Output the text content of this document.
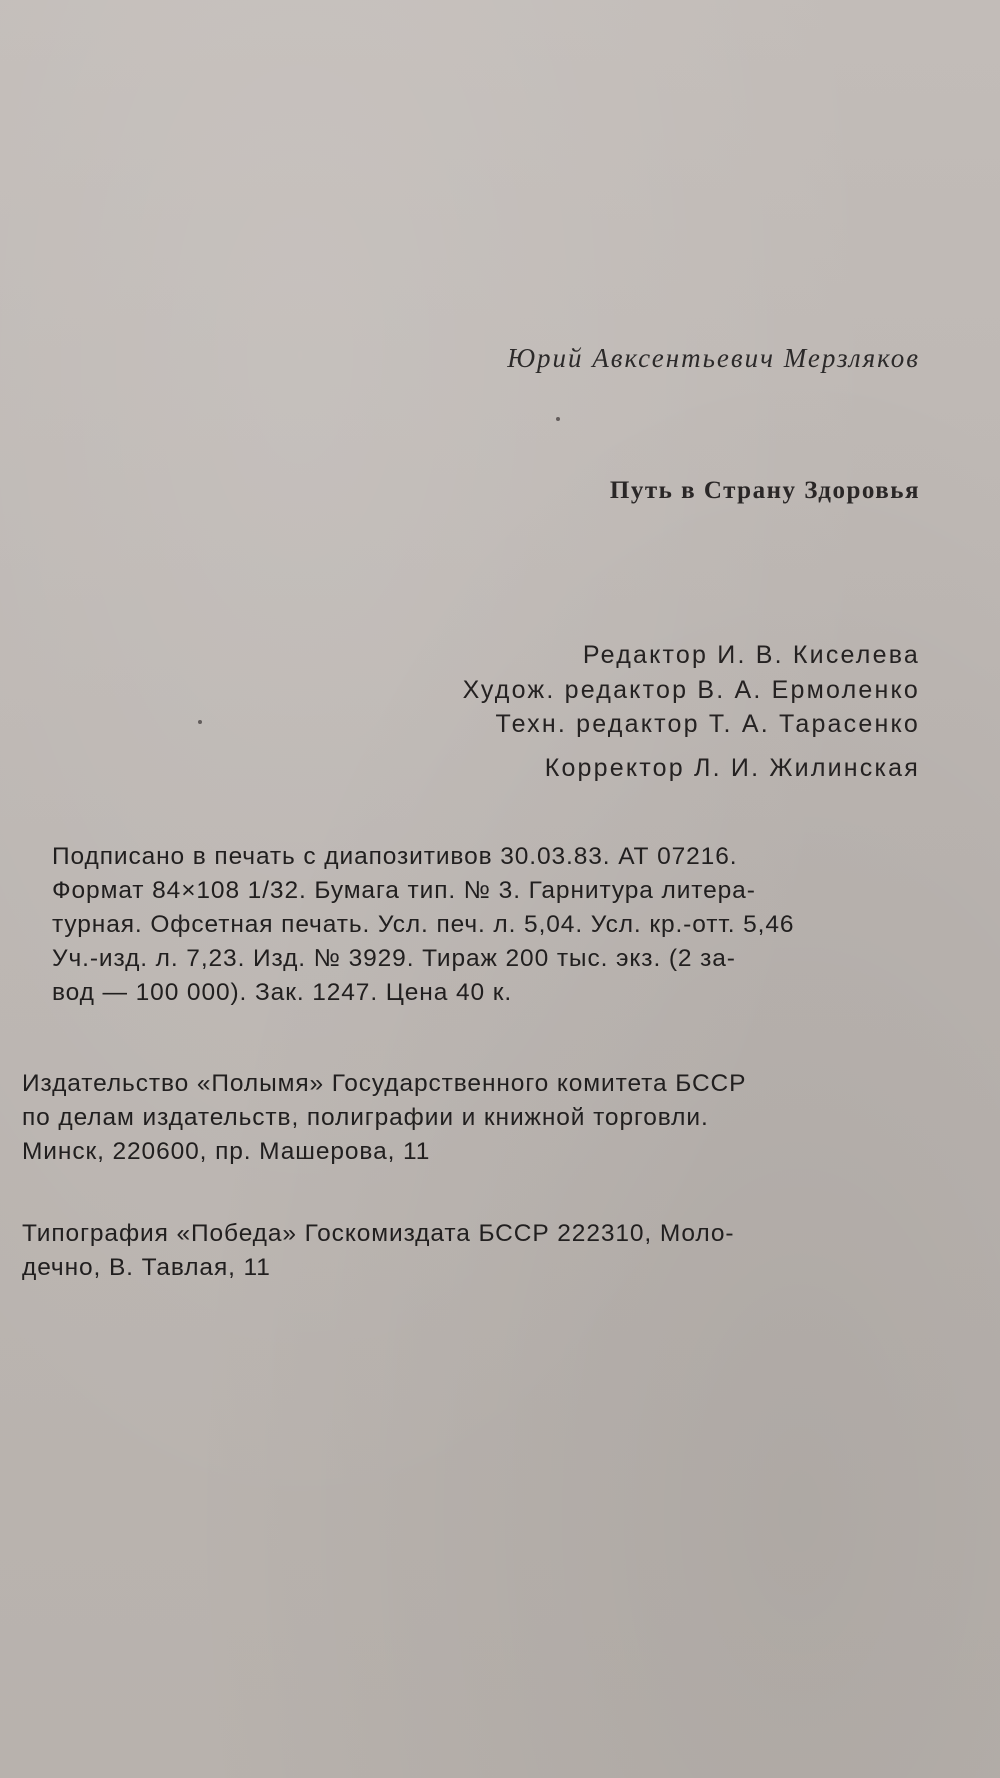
Юрий Авксентьевич Мерзляков
Путь в Страну Здоровья
Редактор И. В. Киселева
Худож. редактор В. А. Ермоленко
Техн. редактор Т. А. Тарасенко
Корректор Л. И. Жилинская
Подписано в печать с диапозитивов 30.03.83. АТ 07216.
Формат 84×108 1/32. Бумага тип. № 3. Гарнитура литера-
турная. Офсетная печать. Усл. печ. л. 5,04. Усл. кр.-отт. 5,46
Уч.-изд. л. 7,23. Изд. № 3929. Тираж 200 тыс. экз. (2 за-
вод — 100 000). Зак. 1247. Цена 40 к.
Издательство «Полымя» Государственного комитета БССР
по делам издательств, полиграфии и книжной торговли.
Минск, 220600, пр. Машерова, 11
Типография «Победа» Госкомиздата БССР 222310, Моло-
дечно, В. Тавлая, 11
